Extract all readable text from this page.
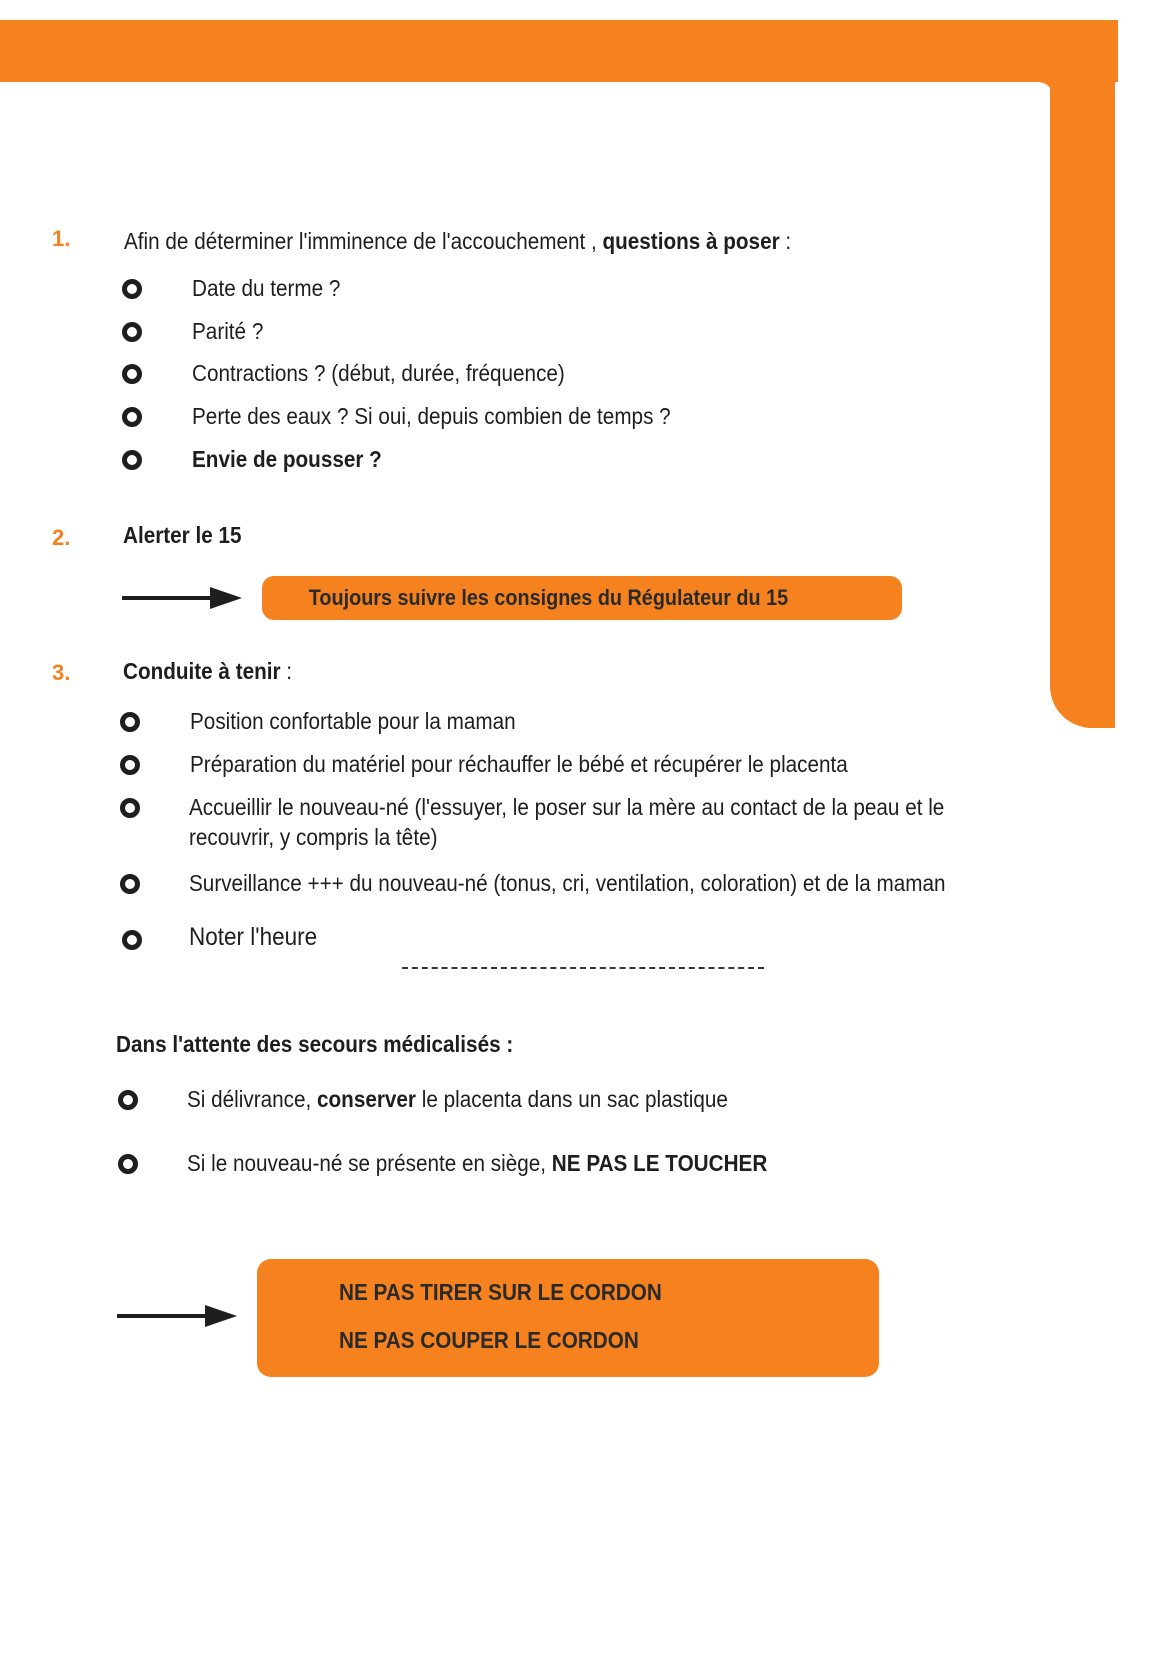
1. Afin de déterminer l'imminence de l'accouchement , questions à poser :
Date du terme ?
Parité ?
Contractions ? (début, durée, fréquence)
Perte des eaux ? Si oui, depuis combien de temps ?
Envie de pousser ?
2. Alerter le 15
Toujours suivre les consignes du Régulateur du 15
3. Conduite à tenir :
Position confortable pour la maman
Préparation du matériel pour réchauffer le bébé et récupérer le placenta
Accueillir le nouveau-né (l'essuyer, le poser sur la mère au contact de la peau et le recouvrir, y compris la tête)
Surveillance +++ du nouveau-né (tonus, cri, ventilation, coloration) et de la maman
Noter l'heure
Dans l'attente des secours médicalisés :
Si délivrance, conserver le placenta dans un sac plastique
Si le nouveau-né se présente en siège, NE PAS LE TOUCHER
NE PAS TIRER SUR LE CORDON
NE PAS COUPER LE CORDON
